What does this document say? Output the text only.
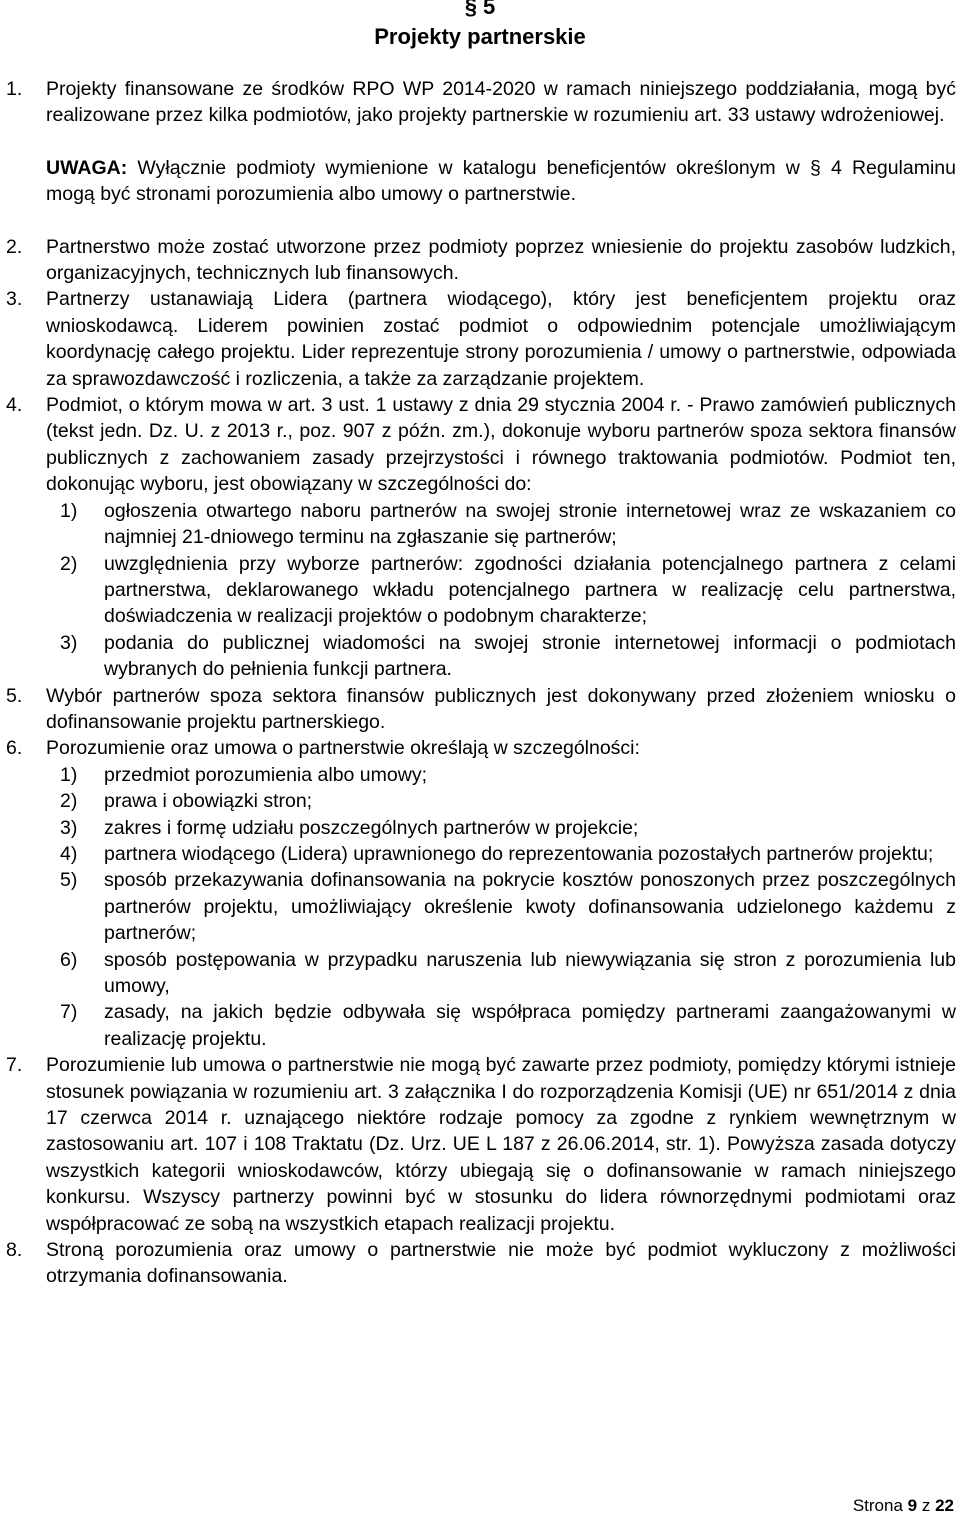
§ 5
Projekty partnerskie
1. Projekty finansowane ze środków RPO WP 2014-2020 w ramach niniejszego poddziałania, mogą być realizowane przez kilka podmiotów, jako projekty partnerskie w rozumieniu art. 33 ustawy wdrożeniowej.
UWAGA: Wyłącznie podmioty wymienione w katalogu beneficjentów określonym w § 4 Regulaminu mogą być stronami porozumienia albo umowy o partnerstwie.
2. Partnerstwo może zostać utworzone przez podmioty poprzez wniesienie do projektu zasobów ludzkich, organizacyjnych, technicznych lub finansowych.
3. Partnerzy ustanawiają Lidera (partnera wiodącego), który jest beneficjentem projektu oraz wnioskodawcą. Liderem powinien zostać podmiot o odpowiednim potencjale umożliwiającym koordynację całego projektu. Lider reprezentuje strony porozumienia / umowy o partnerstwie, odpowiada za sprawozdawczość i rozliczenia, a także za zarządzanie projektem.
4. Podmiot, o którym mowa w art. 3 ust. 1 ustawy z dnia 29 stycznia 2004 r. - Prawo zamówień publicznych (tekst jedn. Dz. U. z 2013 r., poz. 907 z późn. zm.), dokonuje wyboru partnerów spoza sektora finansów publicznych z zachowaniem zasady przejrzystości i równego traktowania podmiotów. Podmiot ten, dokonując wyboru, jest obowiązany w szczególności do:
1) ogłoszenia otwartego naboru partnerów na swojej stronie internetowej wraz ze wskazaniem co najmniej 21-dniowego terminu na zgłaszanie się partnerów;
2) uwzględnienia przy wyborze partnerów: zgodności działania potencjalnego partnera z celami partnerstwa, deklarowanego wkładu potencjalnego partnera w realizację celu partnerstwa, doświadczenia w realizacji projektów o podobnym charakterze;
3) podania do publicznej wiadomości na swojej stronie internetowej informacji o podmiotach wybranych do pełnienia funkcji partnera.
5. Wybór partnerów spoza sektora finansów publicznych jest dokonywany przed złożeniem wniosku o dofinansowanie projektu partnerskiego.
6. Porozumienie oraz umowa o partnerstwie określają w szczególności:
1) przedmiot porozumienia albo umowy;
2) prawa i obowiązki stron;
3) zakres i formę udziału poszczególnych partnerów w projekcie;
4) partnera wiodącego (Lidera) uprawnionego do reprezentowania pozostałych partnerów projektu;
5) sposób przekazywania dofinansowania na pokrycie kosztów ponoszonych przez poszczególnych partnerów projektu, umożliwiający określenie kwoty dofinansowania udzielonego każdemu z partnerów;
6) sposób postępowania w przypadku naruszenia lub niewywiązania się stron z porozumienia lub umowy,
7) zasady, na jakich będzie odbywała się współpraca pomiędzy partnerami zaangażowanymi w realizację projektu.
7. Porozumienie lub umowa o partnerstwie nie mogą być zawarte przez podmioty, pomiędzy którymi istnieje stosunek powiązania w rozumieniu art. 3 załącznika I do rozporządzenia Komisji (UE) nr 651/2014 z dnia 17 czerwca 2014 r. uznającego niektóre rodzaje pomocy za zgodne z rynkiem wewnętrznym w zastosowaniu art. 107 i 108 Traktatu (Dz. Urz. UE L 187 z 26.06.2014, str. 1). Powyższa zasada dotyczy wszystkich kategorii wnioskodawców, którzy ubiegają się o dofinansowanie w ramach niniejszego konkursu. Wszyscy partnerzy powinni być w stosunku do lidera równorzędnymi podmiotami oraz współpracować ze sobą na wszystkich etapach realizacji projektu.
8. Stroną porozumienia oraz umowy o partnerstwie nie może być podmiot wykluczony z możliwości otrzymania dofinansowania.
Strona 9 z 22
